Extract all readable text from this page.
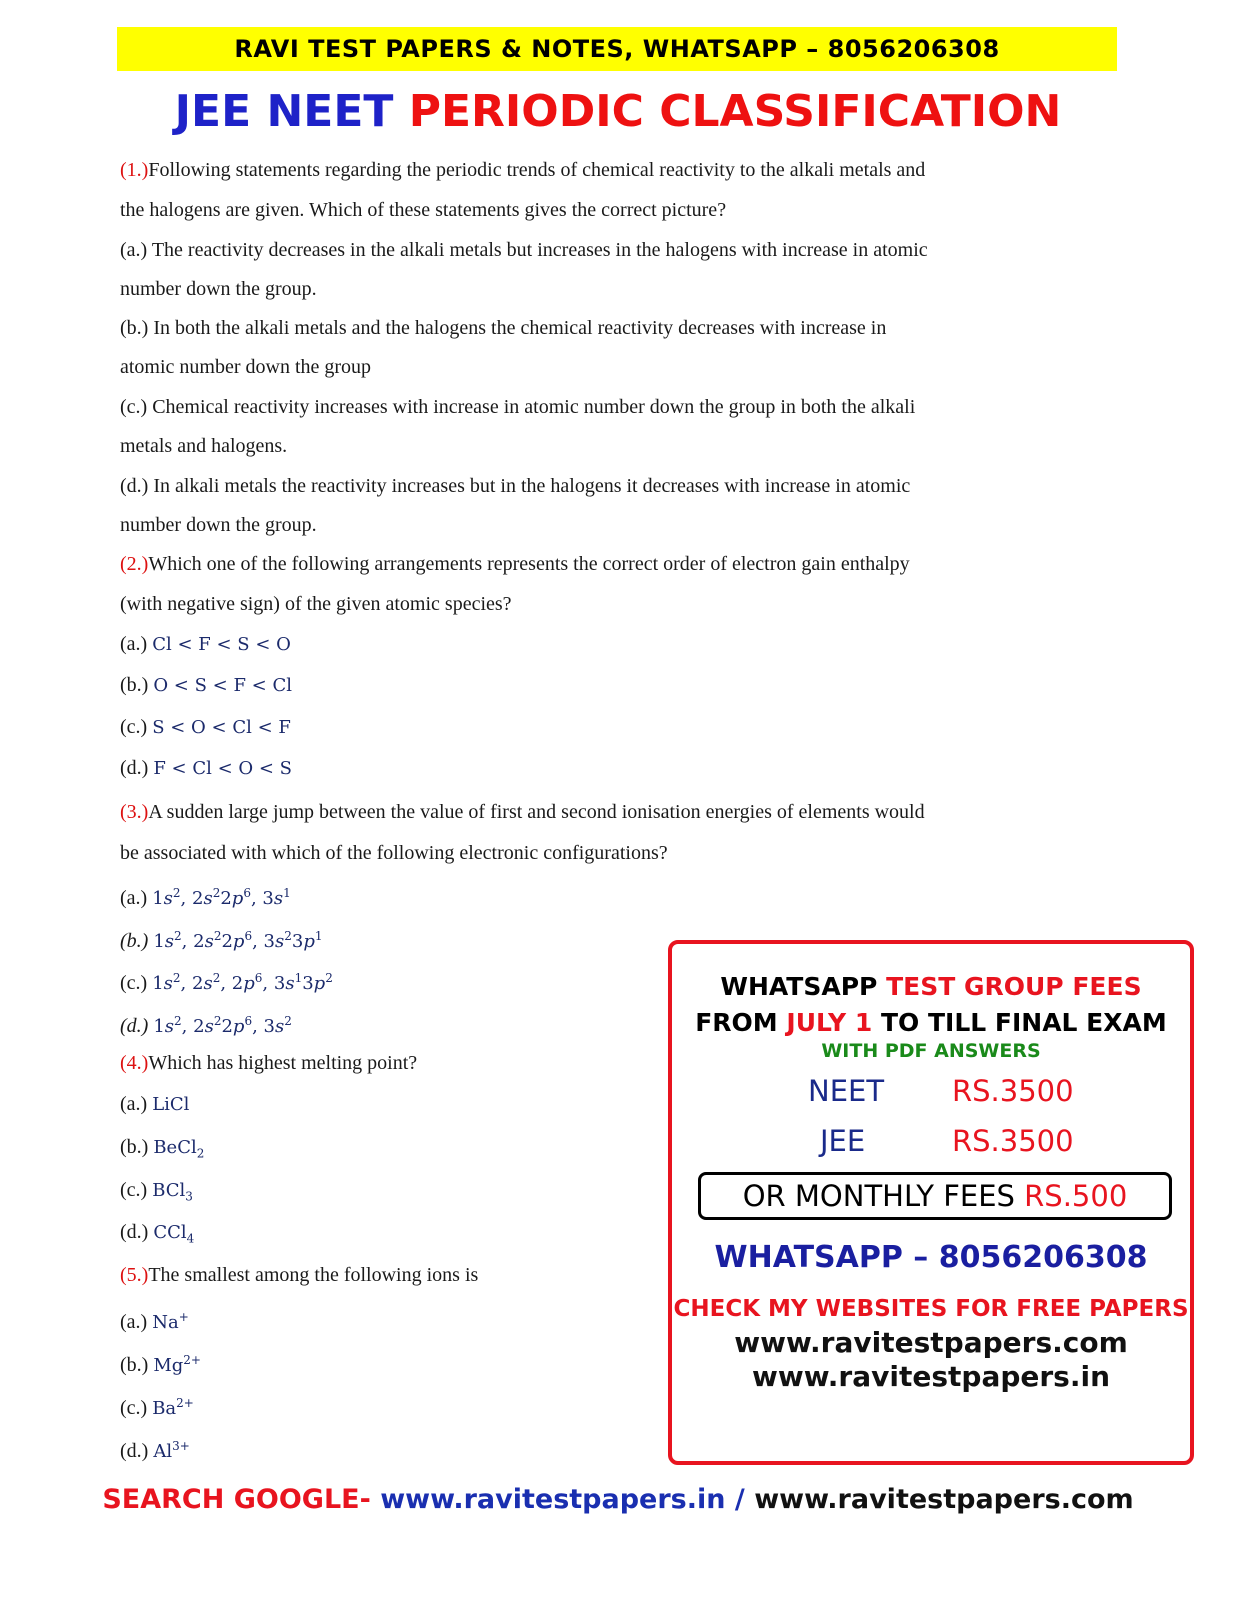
RAVI TEST PAPERS & NOTES, WHATSAPP – 8056206308
JEE NEET PERIODIC CLASSIFICATION
(1.)Following statements regarding the periodic trends of chemical reactivity to the alkali metals and
the halogens are given. Which of these statements gives the correct picture?
(a.) The reactivity decreases in the alkali metals but increases in the halogens with increase in atomic
number down the group.
(b.) In both the alkali metals and the halogens the chemical reactivity decreases with increase in
atomic number down the group
(c.) Chemical reactivity increases with increase in atomic number down the group in both the alkali
metals and halogens.
(d.) In alkali metals the reactivity increases but in the halogens it decreases with increase in atomic
number down the group.
(2.)Which one of the following arrangements represents the correct order of electron gain enthalpy
(with negative sign) of the given atomic species?
(a.) Cl < F < S < O
(b.) O < S < F < Cl
(c.) S < O < Cl < F
(d.) F < Cl < O < S
(3.)A sudden large jump between the value of first and second ionisation energies of elements would
be associated with which of the following electronic configurations?
(a.) $1s^2$, $2s^22p^6$, $3s^1$
(b.) $1s^2$, $2s^22p^6$, $3s^23p^1$
(c.) $1s^2$, $2s^2$, $2p^6$, $3s^13p^2$
(d.) $1s^2$, $2s^22p^6$, $3s^2$
(4.)Which has highest melting point?
(a.) LiCl
(b.) BeCl$_2$
(c.) BCl$_3$
(d.) CCl$_4$
(5.)The smallest among the following ions is
(a.) Na+
(b.) $Mg^{2+}$
(c.) $Ba^{2+}$
(d.) $Al^{3+}$
WHATSAPP TEST GROUP FEES
FROM JULY 1 TO TILL FINAL EXAM
WITH PDF ANSWERS
NEET RS.3500
JEE	RS.3500
OR MONTHLY FEES RS.500
WHATSAPP – 8056206308
CHECK MY WEBSITES FOR FREE PAPERS
www.ravitestpapers.com
www.ravitestpapers.in
SEARCH GOOGLE- www.ravitestpapers.in / www.ravitestpapers.com
